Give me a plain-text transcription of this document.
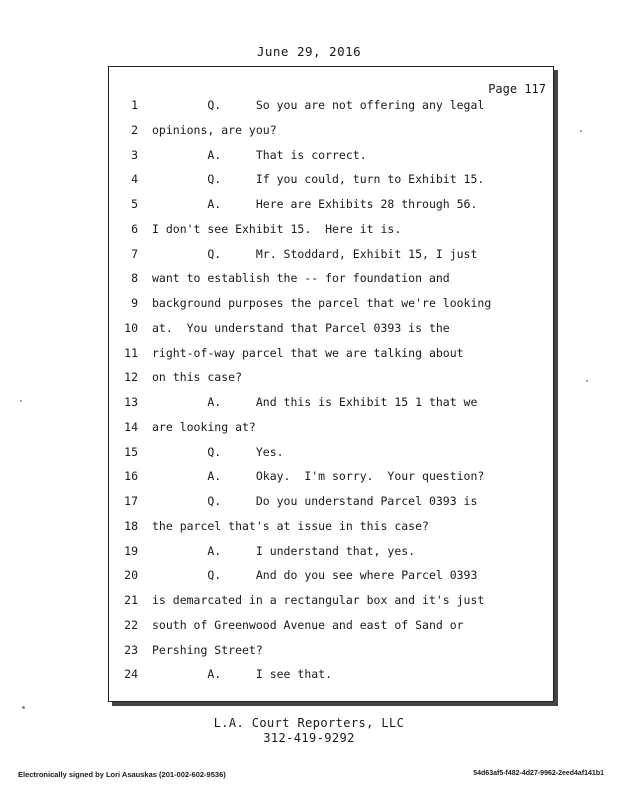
June 29, 2016
Page 117
1 Q.     So you are not offering any legal
2 opinions, are you?
3 A.     That is correct.
4 Q.     If you could, turn to Exhibit 15.
5 A.     Here are Exhibits 28 through 56.
6 I don't see Exhibit 15.  Here it is.
7 Q.     Mr. Stoddard, Exhibit 15, I just
8 want to establish the -- for foundation and
9 background purposes the parcel that we're looking
10 at.  You understand that Parcel 0393 is the
11 right-of-way parcel that we are talking about
12 on this case?
13 A.     And this is Exhibit 15 1 that we
14 are looking at?
15 Q.     Yes.
16 A.     Okay.  I'm sorry.  Your question?
17 Q.     Do you understand Parcel 0393 is
18 the parcel that's at issue in this case?
19 A.     I understand that, yes.
20 Q.     And do you see where Parcel 0393
21 is demarcated in a rectangular box and it's just
22 south of Greenwood Avenue and east of Sand or
23 Pershing Street?
24 A.     I see that.
L.A. Court Reporters, LLC
312-419-9292
Electronically signed by Lori Asauskas (201-002-602-9536)	54d63af5-f482-4d27-9962-2eed4af141b1
